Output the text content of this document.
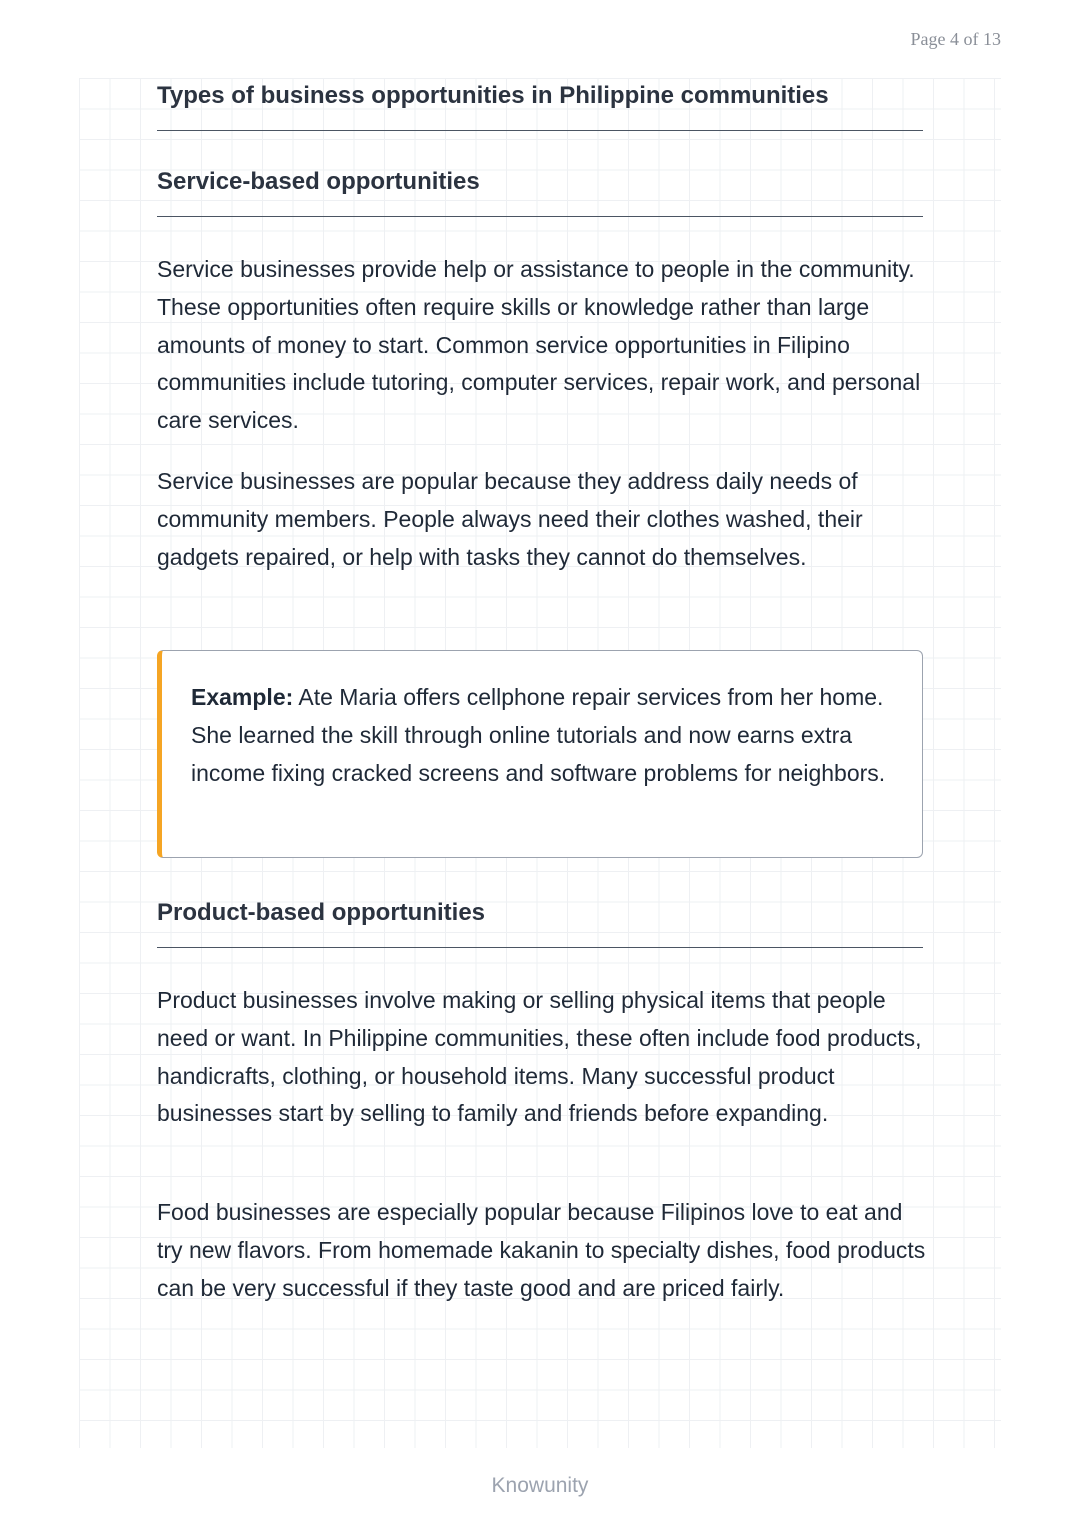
Page 4 of 13
Types of business opportunities in Philippine communities
Service-based opportunities
Service businesses provide help or assistance to people in the community. These opportunities often require skills or knowledge rather than large amounts of money to start. Common service opportunities in Filipino communities include tutoring, computer services, repair work, and personal care services.
Service businesses are popular because they address daily needs of community members. People always need their clothes washed, their gadgets repaired, or help with tasks they cannot do themselves.
Example: Ate Maria offers cellphone repair services from her home. She learned the skill through online tutorials and now earns extra income fixing cracked screens and software problems for neighbors.
Product-based opportunities
Product businesses involve making or selling physical items that people need or want. In Philippine communities, these often include food products, handicrafts, clothing, or household items. Many successful product businesses start by selling to family and friends before expanding.
Food businesses are especially popular because Filipinos love to eat and try new flavors. From homemade kakanin to specialty dishes, food products can be very successful if they taste good and are priced fairly.
Knowunity
